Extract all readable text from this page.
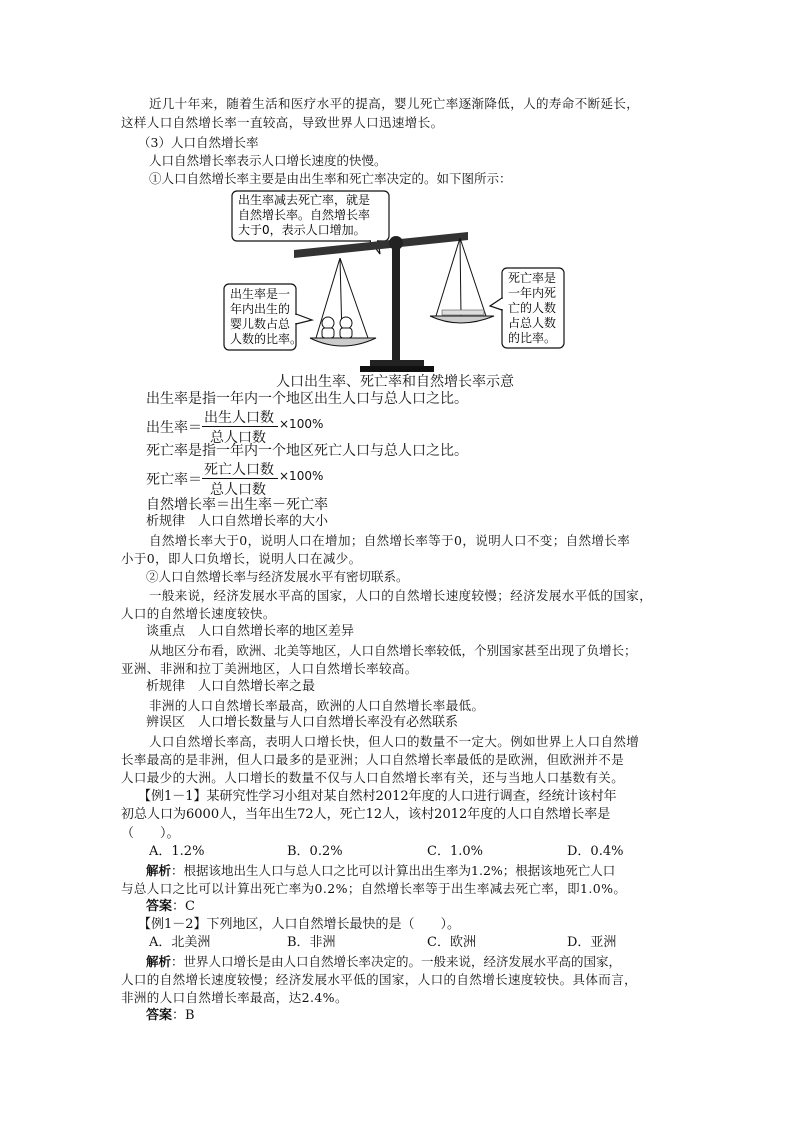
近几十年来，随着生活和医疗水平的提高，婴儿死亡率逐渐降低，人的寿命不断延长，
这样人口自然增长率一直较高，导致世界人口迅速增长。
（3）人口自然增长率
人口自然增长率表示人口增长速度的快慢。
①人口自然增长率主要是由出生率和死亡率决定的。如下图所示：
出生率减去死亡率，就是
自然增长率。自然增长率
大于0，表示人口增加。
出生率是一
年内出生的
婴儿数占总
人数的比率。
死亡率是
一年内死
亡的人数
占总人数
的比率。
人口出生率、死亡率和自然增长率示意
出生率是指一年内一个地区出生人口与总人口之比。
出生率＝
出生人口数
总人口数
×100%
死亡率是指一年内一个地区死亡人口与总人口之比。
死亡率＝
死亡人口数
总人口数
×100%
自然增长率＝出生率－死亡率
析规律　人口自然增长率的大小
自然增长率大于0，说明人口在增加；自然增长率等于0，说明人口不变；自然增长率
小于0，即人口负增长，说明人口在减少。
②人口自然增长率与经济发展水平有密切联系。
一般来说，经济发展水平高的国家，人口的自然增长速度较慢；经济发展水平低的国家，
人口的自然增长速度较快。
谈重点　人口自然增长率的地区差异
从地区分布看，欧洲、北美等地区，人口自然增长率较低，个别国家甚至出现了负增长；
亚洲、非洲和拉丁美洲地区，人口自然增长率较高。
析规律　人口自然增长率之最
非洲的人口自然增长率最高，欧洲的人口自然增长率最低。
辨误区　人口增长数量与人口自然增长率没有必然联系
人口自然增长率高，表明人口增长快，但人口的数量不一定大。例如世界上人口自然增
长率最高的是非洲，但人口最多的是亚洲；人口自然增长率最低的是欧洲，但欧洲并不是
人口最少的大洲。人口增长的数量不仅与人口自然增长率有关，还与当地人口基数有关。
【例1－1】某研究性学习小组对某自然村2012年度的人口进行调查，经统计该村年
初总人口为6000人，当年出生72人，死亡12人，该村2012年度的人口自然增长率是
（　　）。
A．1.2%	B．0.2%	C．1.0%	D．0.4%
解析：根据该地出生人口与总人口之比可以计算出出生率为1.2%；根据该地死亡人口
与总人口之比可以计算出死亡率为0.2%；自然增长率等于出生率减去死亡率，即1.0%。
答案：C
【例1－2】下列地区，人口自然增长最快的是（　　）。
A．北美洲	B．非洲	C．欧洲	D．亚洲
解析：世界人口增长是由人口自然增长率决定的。一般来说，经济发展水平高的国家，
人口的自然增长速度较慢；经济发展水平低的国家，人口的自然增长速度较快。具体而言，
非洲的人口自然增长率最高，达2.4%。
答案：B
